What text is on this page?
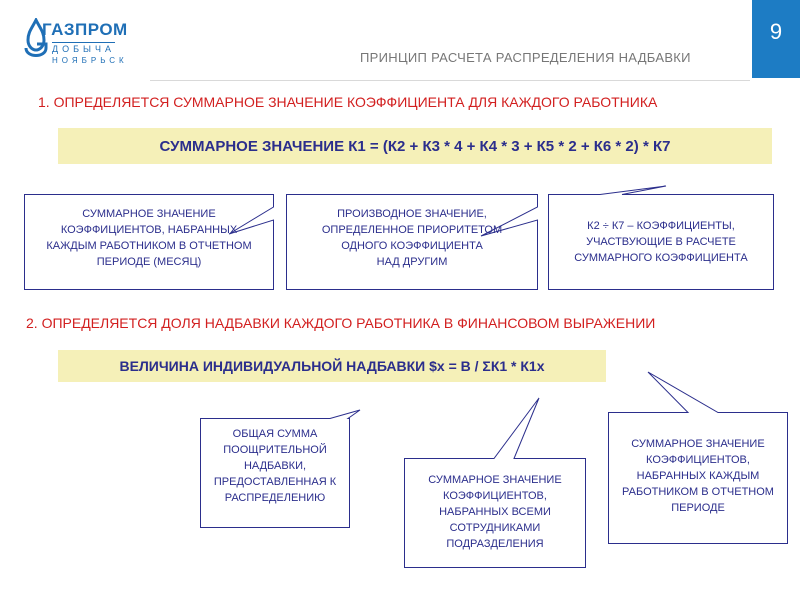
ГАЗПРОМ
ДОБЫЧА
НОЯБРЬСК
9
ПРИНЦИП РАСЧЕТА РАСПРЕДЕЛЕНИЯ НАДБАВКИ
1. ОПРЕДЕЛЯЕТСЯ СУММАРНОЕ ЗНАЧЕНИЕ КОЭФФИЦИЕНТА ДЛЯ КАЖДОГО РАБОТНИКА
СУММАРНОЕ ЗНАЧЕНИЕ К1 = (К2 + К3 * 4 + К4 * 3 + К5 * 2 + К6 * 2) * К7
СУММАРНОЕ ЗНАЧЕНИЕ
КОЭФФИЦИЕНТОВ, НАБРАННЫХ
КАЖДЫМ РАБОТНИКОМ В ОТЧЕТНОМ
ПЕРИОДЕ (МЕСЯЦ)
ПРОИЗВОДНОЕ ЗНАЧЕНИЕ,
ОПРЕДЕЛЕННОЕ ПРИОРИТЕТОМ
ОДНОГО КОЭФФИЦИЕНТА
НАД ДРУГИМ
К2 ÷ К7 – КОЭФФИЦИЕНТЫ,
УЧАСТВУЮЩИЕ В РАСЧЕТЕ
СУММАРНОГО КОЭФФИЦИЕНТА
2. ОПРЕДЕЛЯЕТСЯ ДОЛЯ НАДБАВКИ КАЖДОГО РАБОТНИКА В ФИНАНСОВОМ ВЫРАЖЕНИИ
ВЕЛИЧИНА ИНДИВИДУАЛЬНОЙ НАДБАВКИ $x = B / ΣК1 * К1x
ОБЩАЯ СУММА
ПООЩРИТЕЛЬНОЙ
НАДБАВКИ,
ПРЕДОСТАВЛЕННАЯ К
РАСПРЕДЕЛЕНИЮ
СУММАРНОЕ ЗНАЧЕНИЕ
КОЭФФИЦИЕНТОВ,
НАБРАННЫХ ВСЕМИ
СОТРУДНИКАМИ
ПОДРАЗДЕЛЕНИЯ
СУММАРНОЕ ЗНАЧЕНИЕ
КОЭФФИЦИЕНТОВ,
НАБРАННЫХ КАЖДЫМ
РАБОТНИКОМ В ОТЧЕТНОМ
ПЕРИОДЕ
